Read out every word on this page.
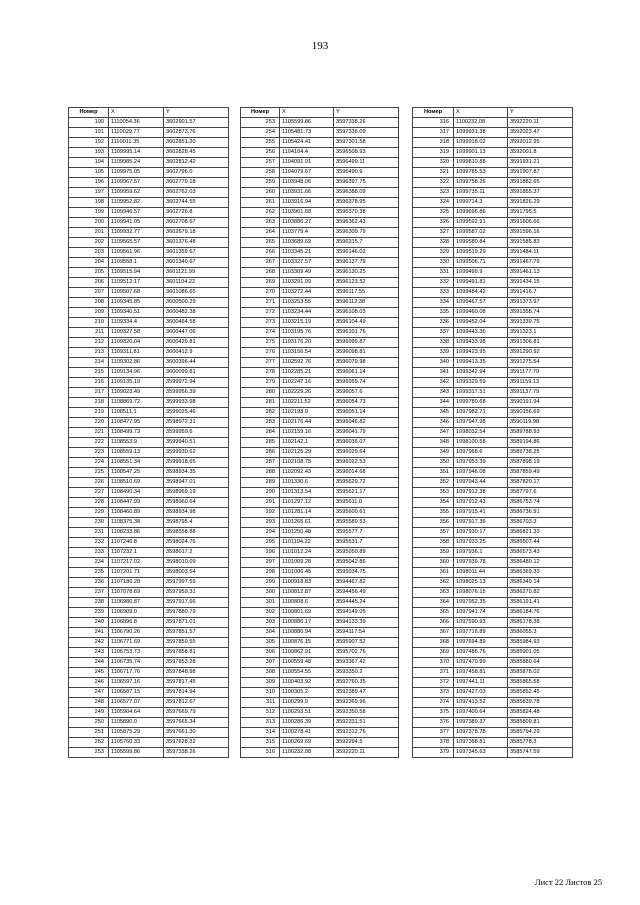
193
Номер	X	Y
190	1110054.36	3602901.57
191	1110029.77	3602873.76
192	1110011.35	3602851.20
193	1109995.14	3602828.45
194	1109985.24	3602812.42
195	1109975.05	3602796.0
196	1109967.57	3602779.18
197	1109959.62	3602762.03
198	1109952.82	3602744.55
199	1109946.57	3602726.8
200	1109941.05	3602708.67
201	1109932.77	3602679.18
202	1109565.57	3601376.48
203	1109561.96	3601359.67
204	1109558.1	3601340.67
205	1109515.94	3601121.99
206	1109512.17	3601104.22
207	1109507.68	3601086.65
208	1109345.85	3600500.29
209	1109340.51	3600482.38
210	1109334.4	3600464.58
211	1109327.58	3600447.06
212	1109320.04	3600429.81
213	1109311.81	3600412.9
214	1109302.86	3600396.44
215	1109134.96	3600099.81
216	1109135.19	3599972.94
217	1109023.49	3599956.39
218	1108869.72	3599933.98
219	1108511.1	3599025.46
220	1108477.95	3598972.31
221	1108499.73	3599959.6
222	1108553.9	3599940.51
223	1108559.13	3599930.62
224	1108551.34	3599918.65
225	1108547.25	3598934.35
226	1108510.69	3598947.01
227	1108490.34	3598969.19
228	1108447.99	3598960.64
229	1108460.89	3598934.98
230	1108375.38	3598795.4
231	1108233.86	3598558.88
232	1107246.8	3598024.76
233	1107232.1	3598017.2
234	1107217.02	3598010.09
235	1107201.71	3598003.54
236	1107186.28	3597997.59
237	1107078.69	3597959.31
238	1106980.87	3597917.66
239	1106909.0	3597880.79
240	1106896.8	3597871.01
241	1106790.26	3597851.57
242	1106771.69	3597859.55
243	1106753.73	3597858.81
244	1106735.74	3597853.28
245	1106717.76	3597848.98
246	1106597.16	3597817.45
247	1106587.15	3597814.94
248	1106577.07	3597812.67
249	1105904.64	3597669.79
250	1105890.0	3597665.34
251	1105875.29	3597661.30
252	1105760.33	3597628.32
253	1105599.86	3597338.26
Номер	X	Y
253	1105599.86	3597338.26
254	1105481.73	3597336.09
255	1105424.41	3597301.58
256	1104104.4	3596508.93
257	1104091.91	3596499.11
258	1104079.67	3596490.9
259	1103948.06	3596397.75
260	1103931.66	3596388.09
261	1103916.94	3596378.95
262	1103901.68	3596370.38
263	1103886.27	3596362.43
264	1103779.4	3596309.79
265	1103689.69	3596315.7
266	1103345.21	3596146.02
267	1103327.57	3596137.79
268	1103309.49	3596130.25
269	1103291.09	3596123.52
270	1103272.44	3596117.55
271	1103253.55	3596112.38
272	1103234.44	3596108.03
273	1103215.19	3596104.49
274	1103195.76	3596101.76
275	1103176.20	3596099.87
276	1103156.54	3596098.81
277	1102592.76	3596079.98
278	1102285.21	3596061.14
279	1102247.16	3596059.74
280	1102229.26	3596057.6
281	1102211.52	3596054.73
282	1102193.9	3596051.14
283	1102176.44	3596046.82
284	1102159.16	3596041.79
285	1102142.1	3596036.07
286	1102125.29	3596029.64
287	1102108.75	3596022.53
288	1102092.43	3596014.68
289	1101330.6	3595629.72
290	1101313.54	3595621.17
291	1101297.12	3595611.0
292	1101281.14	3595600.61
293	1101265.61	3595589.53
294	1101250.48	3595577.7
295	1101194.22	3595531.7
296	1101012.24	3595050.89
297	1101009.28	3595042.86
298	1101006.45	3595034.75
299	1100918.83	3594467.82
300	1100812.87	3594456.49
301	1100808.6	3594445.24
302	1100801.69	3594149.05
303	1100886.17	3594133.39
304	1100880.94	3594117.54
305	1100876.15	3595907.52
306	1100862.91	3595702.76
307	1100559.48	3593367.42
308	1100554.55	3593350.2
309	1100403.92	3592760.35
310	1100305.2	3592389.47
311	1100299.9	3592369.96
312	1100293.51	3592350.58
313	1100286.39	3592331.51
314	1100278.41	3592312.76
315	1100269.69	3592294.5
316	1100232.08	3592220.11
Номер	X	Y
316	1100232.08	3592220.11
317	1099931.38	3592023.47
318	1099918.02	3592012.95
319	1099901.13	3592001.8
320	1099810.88	3591931.21
321	1099785.53	3591907.87
322	1099758.26	3591882.65
323	1099735.11	3591855.37
324	1099714.3	3591826.29
325	1099696.86	3591795.5
326	1099592.91	3591606.66
327	1099587.02	3591596.16
328	1099580.84	3591585.83
329	1099519.29	3591484.11
330	1099506.71	3591467.79
331	1099499.9	3591461.13
332	1099491.81	3591434.15
333	1099484.42	3591416.7
334	1099467.57	3591373.97
335	1099460.08	3591358.74
336	1099452.04	3591339.75
337	1099443.36	3591323.1
338	1099433.98	3591306.81
339	1099423.95	3591290.92
340	1099413.35	3591275.54
341	1099342.94	3591177.79
342	1099329.59	3591159.13
343	1099317.51	3591137.79
344	1099780.68	3590191.94
345	1097982.71	3590156.69
346	1097947.98	3590119.98
347	1098032.54	3589788.93
348	1098100.58	3589194.86
349	1097968.6	3589738.25
350	1097953.39	3587898.19
351	1097946.08	3587859.49
352	1097943.44	3587820.17
353	1097912.38	3587797.6
354	1097912.43	3586753.74
355	1097915.41	3586736.91
356	1097917.36	3586703.3
357	1097930.17	3586821.33
358	1097933.25	3586507.44
359	1097936.1	3586573.43
360	1097939.78	3586480.12
361	1098011.44	3586369.33
362	1098025.13	3586349.14
363	1098076.15	3586270.82
364	1097952.35	3586191.41
365	1097941.74	3586184.76
366	1097590.93	3586178.38
367	1097716.89	3586055.3
368	1097694.89	3585984.93
369	1097486.76	3585901.05
370	1097470.99	3585880.64
371	1097458.81	3585878.02
372	1097441.11	3585865.58
373	1097427.03	3585852.45
374	1097413.52	3585839.78
375	1097400.64	3585824.48
376	1097389.37	3585809.81
377	1097378.78	3585794.29
378	1097368.81	3585778.3
379	1097345.63	3585747.59
Лист 22 Листов 25
